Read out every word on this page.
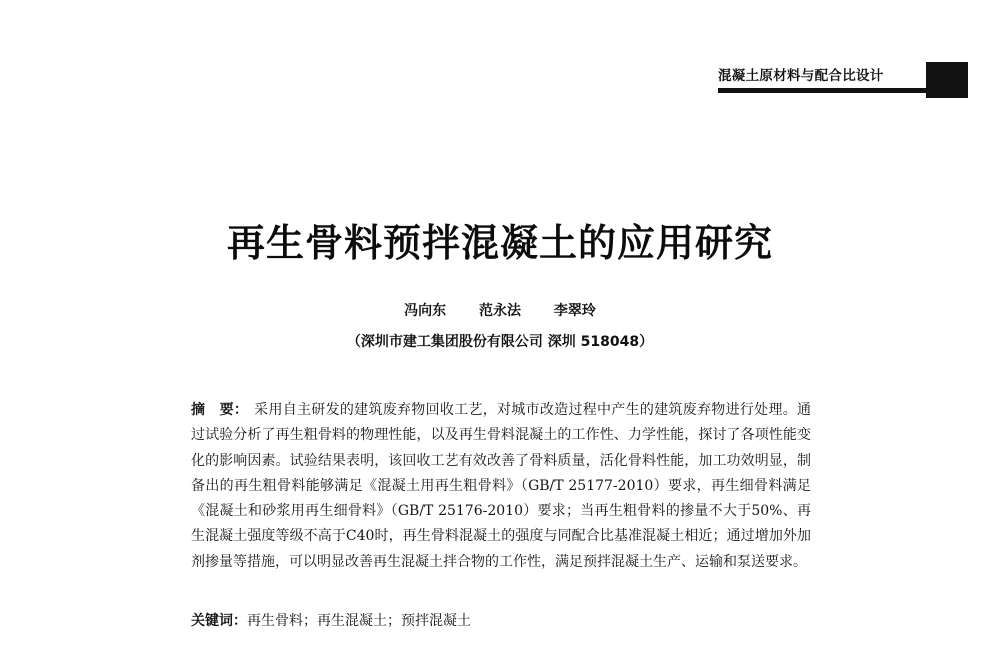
混凝土原材料与配合比设计
再生骨料预拌混凝土的应用研究
冯向东 范永法 李翠玲
（深圳市建工集团股份有限公司 深圳 518048）
摘　要： 采用自主研发的建筑废弃物回收工艺，对城市改造过程中产生的建筑废弃物进行处理。通过试验分析了再生粗骨料的物理性能，以及再生骨料混凝土的工作性、力学性能，探讨了各项性能变化的影响因素。试验结果表明，该回收工艺有效改善了骨料质量，活化骨料性能，加工功效明显，制备出的再生粗骨料能够满足《混凝土用再生粗骨料》（GB/T 25177-2010）要求，再生细骨料满足《混凝土和砂浆用再生细骨料》（GB/T 25176-2010）要求；当再生粗骨料的掺量不大于50%、再生混凝土强度等级不高于C40时，再生骨料混凝土的强度与同配合比基准混凝土相近；通过增加外加剂掺量等措施，可以明显改善再生混凝土拌合物的工作性，满足预拌混凝土生产、运输和泵送要求。
关键词：再生骨料；再生混凝土；预拌混凝土
